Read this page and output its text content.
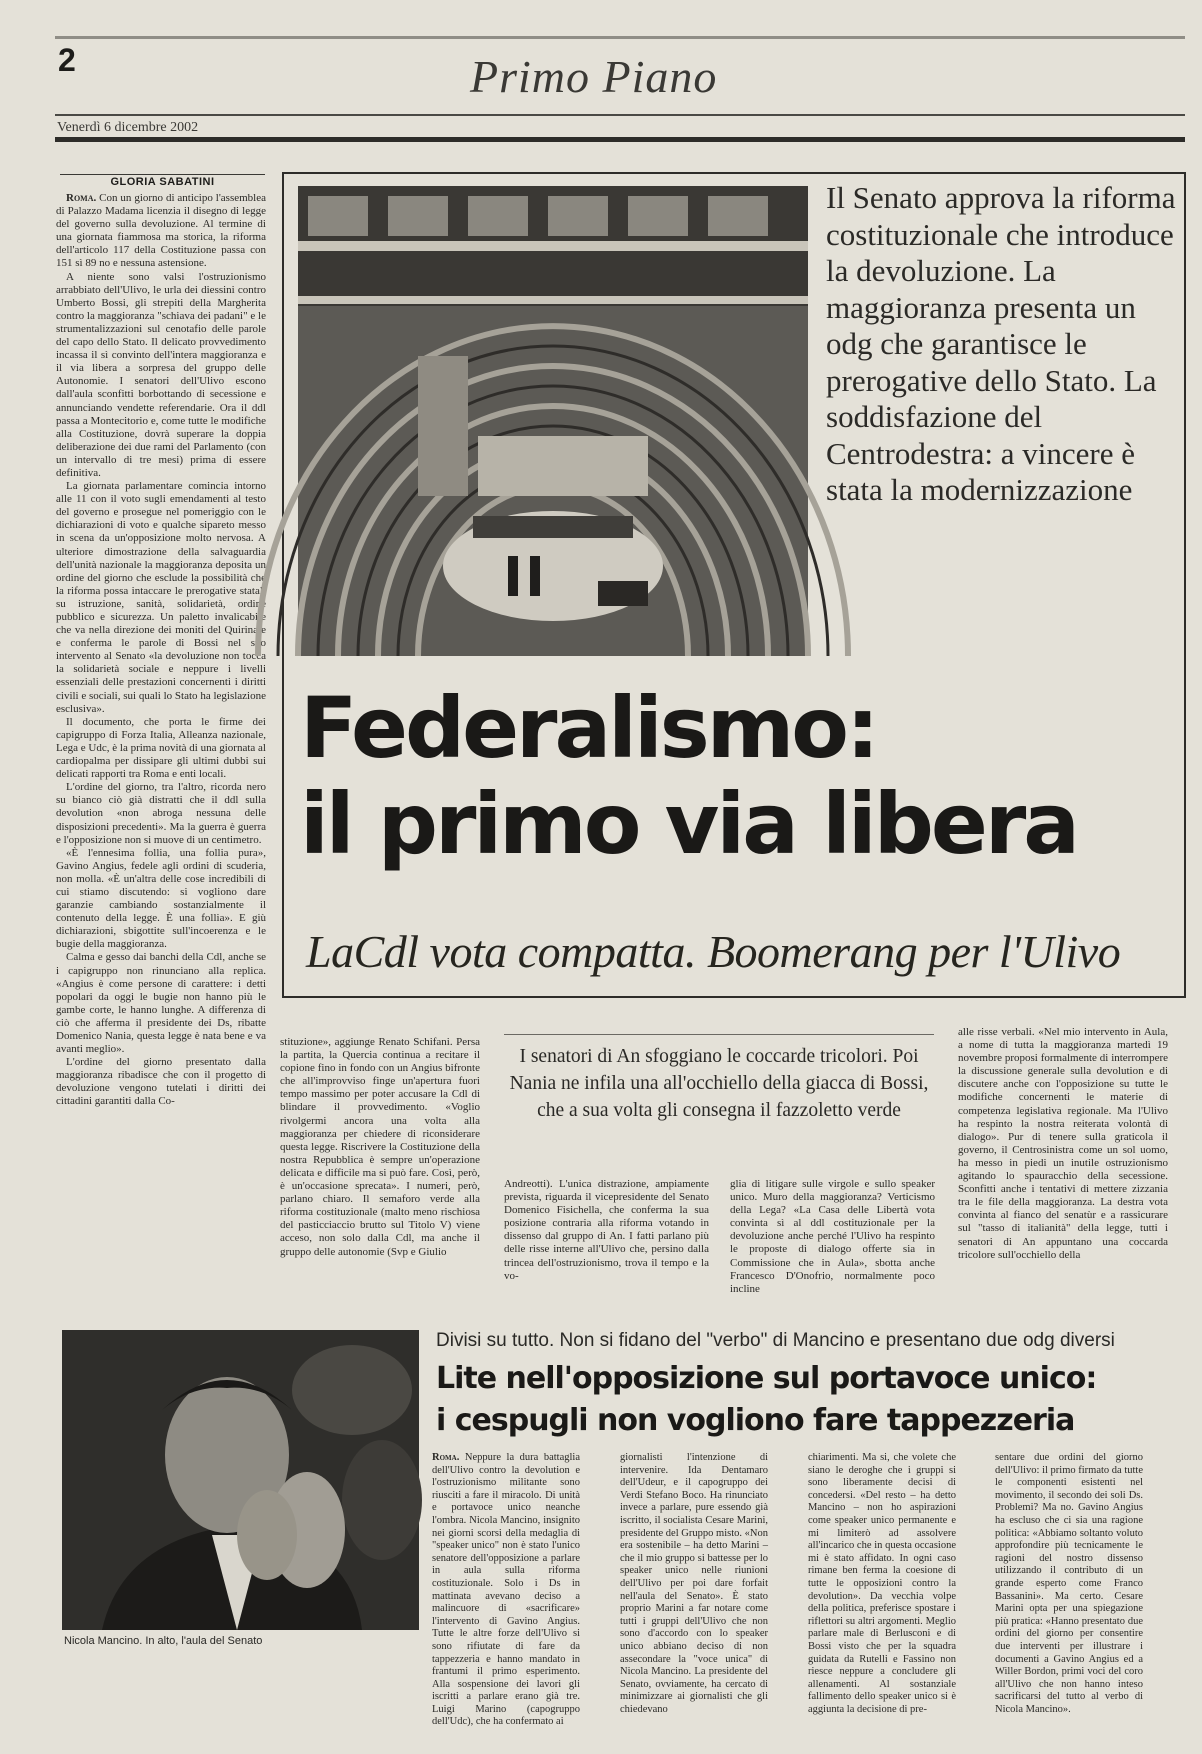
2	Primo Piano
Venerdì 6 dicembre 2002
GLORIA SABATINI
Roma. Con un giorno di anticipo l'assemblea di Palazzo Madama licenzia il disegno di legge del governo sulla devoluzione. Al termine di una giornata fiammosa ma storica, la riforma dell'articolo 117 della Costituzione passa con 151 sì 89 no e nessuna astensione.
A niente sono valsi l'ostruzionismo arrabbiato dell'Ulivo, le urla dei diessini contro Umberto Bossi, gli strepiti della Margherita contro la maggioranza "schiava dei padani" e le strumentalizzazioni sul cenotafio delle parole del capo dello Stato. Il delicato provvedimento incassa il sì convinto dell'intera maggioranza e il via libera a sorpresa del gruppo delle Autonomie. I senatori dell'Ulivo escono dall'aula sconfitti borbottando di secessione e annunciando vendette referendarie. Ora il ddl passa a Montecitorio e, come tutte le modifiche alla Costituzione, dovrà superare la doppia deliberazione dei due rami del Parlamento (con un intervallo di tre mesi) prima di essere definitiva.
La giornata parlamentare comincia intorno alle 11 con il voto sugli emendamenti al testo del governo e prosegue nel pomeriggio con le dichiarazioni di voto e qualche sipareto messo in scena da un'opposizione molto nervosa. A ulteriore dimostrazione della salvaguardia dell'unità nazionale la maggioranza deposita un ordine del giorno che esclude la possibilità che la riforma possa intaccare le prerogative statali su istruzione, sanità, solidarietà, ordine pubblico e sicurezza. Un paletto invalicabile che va nella direzione dei moniti del Quirinale e conferma le parole di Bossi nel suo intervento al Senato «la devoluzione non tocca la solidarietà sociale e neppure i livelli essenziali delle prestazioni concernenti i diritti civili e sociali, sui quali lo Stato ha legislazione esclusiva».
Il documento, che porta le firme dei capigruppo di Forza Italia, Alleanza nazionale, Lega e Udc, è la prima novità di una giornata al cardiopalma per dissipare gli ultimi dubbi sui delicati rapporti tra Roma e enti locali.
L'ordine del giorno, tra l'altro, ricorda nero su bianco ciò già distratti che il ddl sulla devolution «non abroga nessuna delle disposizioni precedenti». Ma la guerra è guerra e l'opposizione non si muove di un centimetro.
«È l'ennesima follia, una follia pura», Gavino Angius, fedele agli ordini di scuderia, non molla. «È un'altra delle cose incredibili di cui stiamo discutendo: si vogliono dare garanzie cambiando sostanzialmente il contenuto della legge. È una follia». E giù dichiarazioni, sbigottite sull'incoerenza e le bugie della maggioranza.
Calma e gesso dai banchi della Cdl, anche se i capigruppo non rinunciano alla replica. «Angius è come persone di carattere: i detti popolari da oggi le bugie non hanno più le gambe corte, le hanno lunghe. A differenza di ciò che afferma il presidente dei Ds, ribatte Domenico Nania, questa legge è nata bene e va avanti meglio».
L'ordine del giorno presentato dalla maggioranza ribadisce che con il progetto di devoluzione vengono tutelati i diritti dei cittadini garantiti dalla Co-
Il Senato approva la riforma costituzionale che introduce la devoluzione. La maggioranza presenta un odg che garantisce le prerogative dello Stato. La soddisfazione del Centrodestra: a vincere è stata la modernizzazione
Federalismo:
il primo via libera
LaCdl vota compatta. Boomerang per l'Ulivo
stituzione», aggiunge Renato Schifani. Persa la partita, la Quercia continua a recitare il copione fino in fondo con un Angius bifronte che all'improvviso finge un'apertura fuori tempo massimo per poter accusare la Cdl di blindare il provvedimento. «Voglio rivolgermi ancora una volta alla maggioranza per chiedere di riconsiderare questa legge. Riscrivere la Costituzione della nostra Repubblica è sempre un'operazione delicata e difficile ma si può fare. Così, però, è un'occasione sprecata». I numeri, però, parlano chiaro. Il semaforo verde alla riforma costituzionale (malto meno rischiosa del pasticciaccio brutto sul Titolo V) viene acceso, non solo dalla Cdl, ma anche il gruppo delle autonomie (Svp e Giulio
Andreotti). L'unica distrazione, ampiamente prevista, riguarda il vicepresidente del Senato Domenico Fisichella, che conferma la sua posizione contraria alla riforma votando in dissenso dal gruppo di An. I fatti parlano più delle risse interne all'Ulivo che, persino dalla trincea dell'ostruzionismo, trova il tempo e la vo-
glia di litigare sulle virgole e sullo speaker unico. Muro della maggioranza? Verticismo della Lega? «La Casa delle Libertà vota convinta sì al ddl costituzionale per la devoluzione anche perché l'Ulivo ha respinto le proposte di dialogo offerte sia in Commissione che in Aula», sbotta anche Francesco D'Onofrio, normalmente poco incline
alle risse verbali. «Nel mio intervento in Aula, a nome di tutta la maggioranza martedì 19 novembre proposi formalmente di interrompere la discussione generale sulla devolution e di discutere anche con l'opposizione su tutte le modifiche concernenti le materie di competenza legislativa regionale. Ma l'Ulivo ha respinto la nostra reiterata volontà di dialogo». Pur di tenere sulla graticola il governo, il Centrosinistra come un sol uomo, ha messo in piedi un inutile ostruzionismo agitando lo spauracchio della secessione. Sconfitti anche i tentativi di mettere zizzania tra le file della maggioranza. La destra vota convinta al fianco del senatùr e a rassicurare sul "tasso di italianità" della legge, tutti i senatori di An appuntano una coccarda tricolore sull'occhiello della
I senatori di An sfoggiano le coccarde tricolori. Poi Nania ne infila una all'occhiello della giacca di Bossi, che a sua volta gli consegna il fazzoletto verde
Nicola Mancino. In alto, l'aula del Senato
Divisi su tutto. Non si fidano del "verbo" di Mancino e presentano due odg diversi
Lite nell'opposizione sul portavoce unico:
i cespugli non vogliono fare tappezzeria
Roma. Neppure la dura battaglia dell'Ulivo contro la devolution e l'ostruzionismo militante sono riusciti a fare il miracolo. Di unità e portavoce unico neanche l'ombra. Nicola Mancino, insignito nei giorni scorsi della medaglia di "speaker unico" non è stato l'unico senatore dell'opposizione a parlare in aula sulla riforma costituzionale. Solo i Ds in mattinata avevano deciso a malincuore di «sacrificare» l'intervento di Gavino Angius. Tutte le altre forze dell'Ulivo si sono rifiutate di fare da tappezzeria e hanno mandato in frantumi il primo esperimento. Alla sospensione dei lavori gli iscritti a parlare erano già tre. Luigi Marino (capogruppo dell'Udc), che ha confermato ai
giornalisti l'intenzione di intervenire. Ida Dentamaro dell'Udeur, e il capogruppo dei Verdi Stefano Boco. Ha rinunciato invece a parlare, pure essendo già iscritto, il socialista Cesare Marini, presidente del Gruppo misto. «Non era sostenibile – ha detto Marini – che il mio gruppo si battesse per lo speaker unico nelle riunioni dell'Ulivo per poi dare forfait nell'aula del Senato». È stato proprio Marini a far notare come tutti i gruppi dell'Ulivo che non sono d'accordo con lo speaker unico abbiano deciso di non assecondare la "voce unica" di Nicola Mancino. La presidente del Senato, ovviamente, ha cercato di minimizzare ai giornalisti che gli chiedevano
chiarimenti. Ma si, che volete che siano le deroghe che i gruppi si sono liberamente decisi di concedersi. «Del resto – ha detto Mancino – non ho aspirazioni come speaker unico permanente e mi limiterò ad assolvere all'incarico che in questa occasione mi è stato affidato. In ogni caso rimane ben ferma la coesione di tutte le opposizioni contro la devolution». Da vecchia volpe della politica, preferisce spostare i riflettori su altri argomenti. Meglio parlare male di Berlusconi e di Bossi visto che per la squadra guidata da Rutelli e Fassino non riesce neppure a concludere gli allenamenti. Al sostanziale fallimento dello speaker unico si è aggiunta la decisione di pre-
sentare due ordini del giorno dell'Ulivo: il primo firmato da tutte le componenti esistenti nel movimento, il secondo dei soli Ds. Problemi? Ma no. Gavino Angius ha escluso che ci sia una ragione politica: «Abbiamo soltanto voluto approfondire più tecnicamente le ragioni del nostro dissenso utilizzando il contributo di un grande esperto come Franco Bassanini». Ma certo. Cesare Marini opta per una spiegazione più pratica: «Hanno presentato due ordini del giorno per consentire due interventi per illustrare i documenti a Gavino Angius ed a Willer Bordon, primi voci del coro all'Ulivo che non hanno inteso sacrificarsi del tutto al verbo di Nicola Mancino».
